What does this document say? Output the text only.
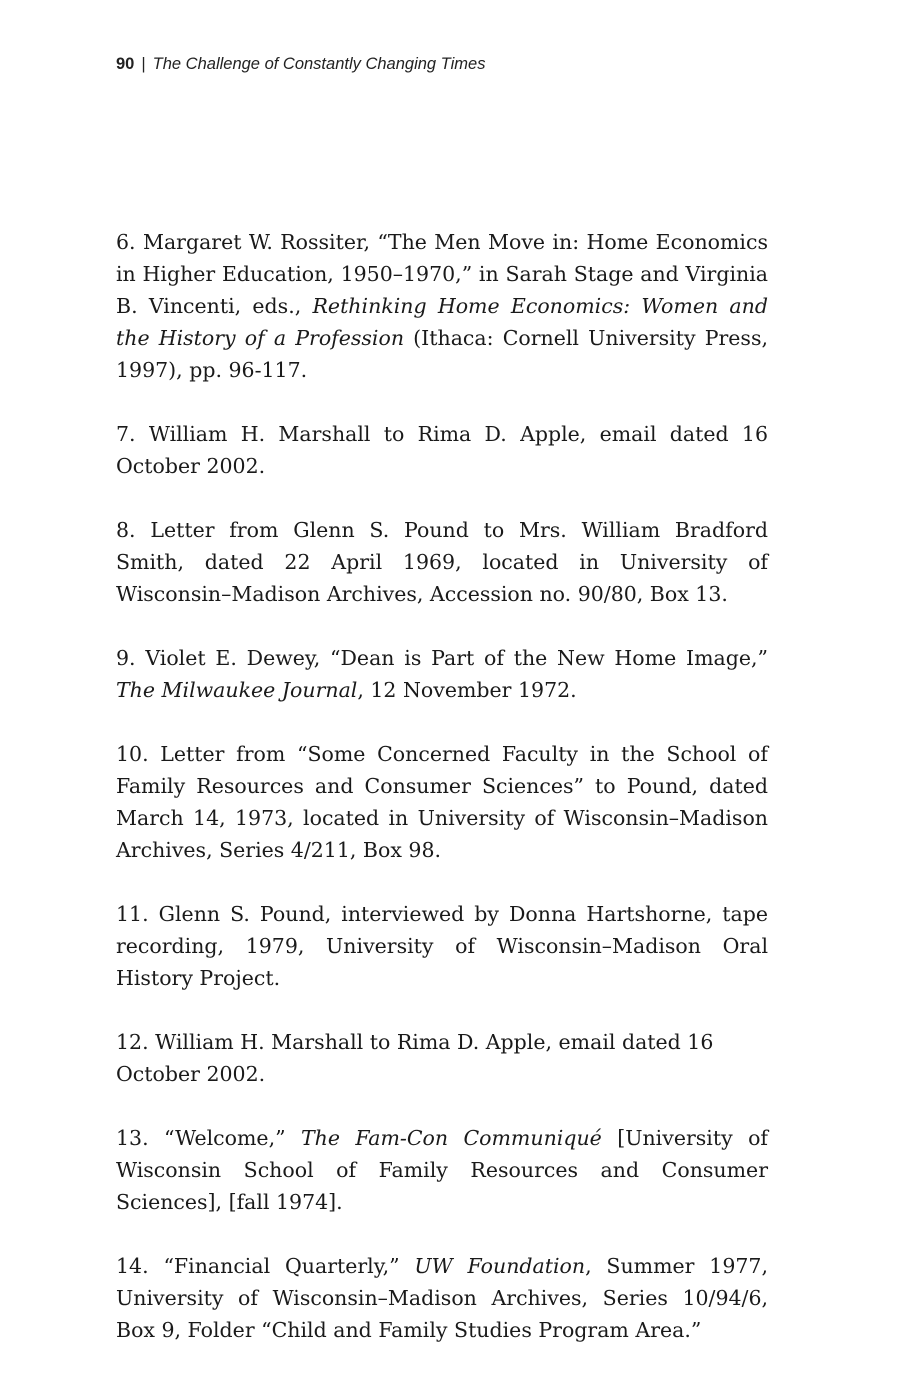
90 | The Challenge of Constantly Changing Times

6. Margaret W. Rossiter, “The Men Move in: Home Economics in Higher Education, 1950–1970,” in Sarah Stage and Virginia B. Vincenti, eds., Rethinking Home Economics: Women and the History of a Profession (Ithaca: Cornell University Press, 1997), pp. 96-117.

7. William H. Marshall to Rima D. Apple, email dated 16 October 2002.

8. Letter from Glenn S. Pound to Mrs. William Bradford Smith, dated 22 April 1969, located in University of Wisconsin–Madison Archives, Accession no. 90/80, Box 13.

9. Violet E. Dewey, “Dean is Part of the New Home Image,” The Milwaukee Journal, 12 November 1972.

10. Letter from “Some Concerned Faculty in the School of Family Resources and Consumer Sciences” to Pound, dated March 14, 1973, located in University of Wisconsin–Madison Archives, Series 4/211, Box 98.

11. Glenn S. Pound, interviewed by Donna Hartshorne, tape recording, 1979, University of Wisconsin–Madison Oral History Project.

12. William H. Marshall to Rima D. Apple, email dated 16 October 2002.

13. “Welcome,” The Fam-Con Communiqué [University of Wisconsin School of Family Resources and Consumer Sciences], [fall 1974].

14. “Financial Quarterly,” UW Foundation, Summer 1977, University of Wisconsin–Madison Archives, Series 10/94/6, Box 9, Folder “Child and Family Studies Program Area.”
